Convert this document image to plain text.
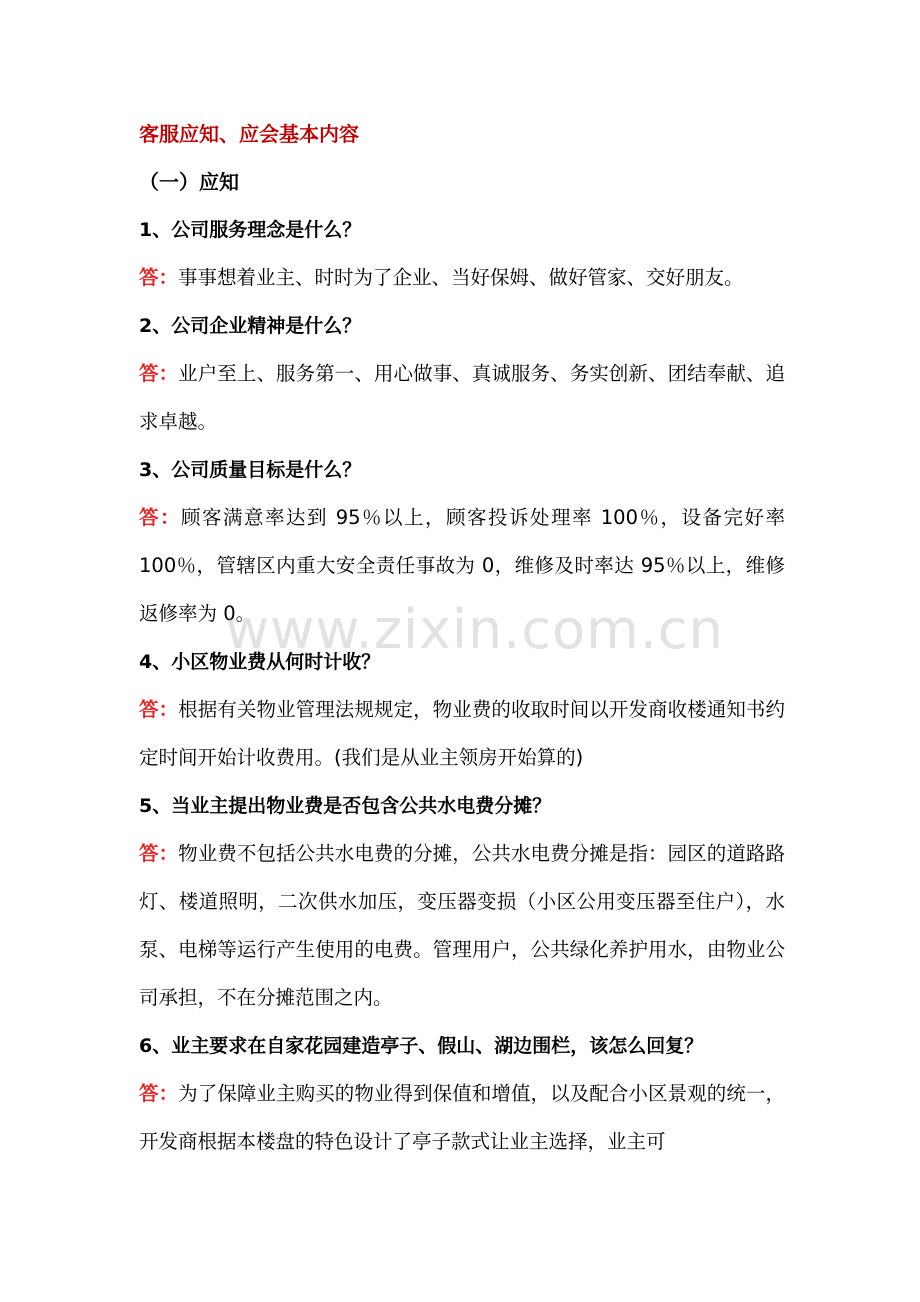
客服应知、应会基本内容

（一）应知

1、公司服务理念是什么？

答：事事想着业主、时时为了企业、当好保姆、做好管家、交好朋友。

2、公司企业精神是什么？

答：业户至上、服务第一、用心做事、真诚服务、务实创新、团结奉献、追求卓越。

3、公司质量目标是什么？

答：顾客满意率达到 95％以上，顾客投诉处理率 100％，设备完好率100％，管辖区内重大安全责任事故为 0，维修及时率达 95％以上，维修返修率为 0。

4、小区物业费从何时计收？

答：根据有关物业管理法规规定，物业费的收取时间以开发商收楼通知书约定时间开始计收费用。(我们是从业主领房开始算的)

5、当业主提出物业费是否包含公共水电费分摊？

答：物业费不包括公共水电费的分摊，公共水电费分摊是指：园区的道路路灯、楼道照明，二次供水加压，变压器变损（小区公用变压器至住户），水泵、电梯等运行产生使用的电费。管理用户，公共绿化养护用水，由物业公司承担，不在分摊范围之内。

6、业主要求在自家花园建造亭子、假山、湖边围栏，该怎么回复？

答：为了保障业主购买的物业得到保值和增值，以及配合小区景观的统一，开发商根据本楼盘的特色设计了亭子款式让业主选择，业主可

www.zixin.com.cn
